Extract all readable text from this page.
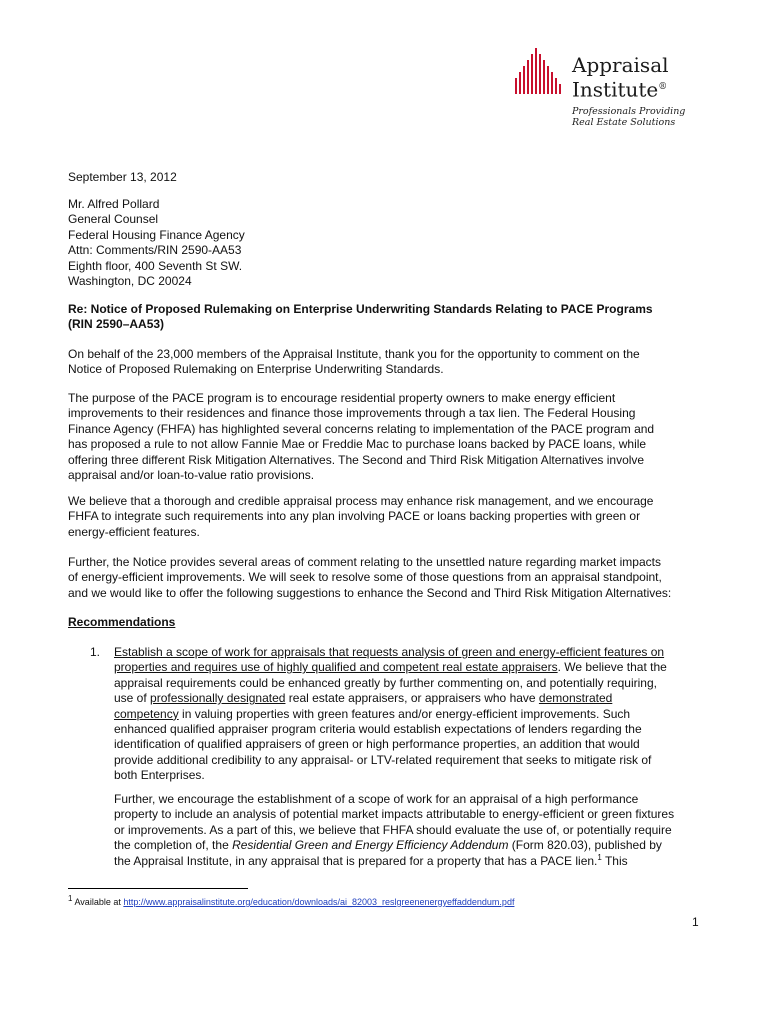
Appraisal
Institute®
Professionals Providing
Real Estate Solutions
September 13, 2012
Mr. Alfred Pollard
General Counsel
Federal Housing Finance Agency
Attn: Comments/RIN 2590-AA53
Eighth floor, 400 Seventh St SW.
Washington, DC 20024
Re: Notice of Proposed Rulemaking on Enterprise Underwriting Standards Relating to PACE Programs
(RIN 2590–AA53)
On behalf of the 23,000 members of the Appraisal Institute, thank you for the opportunity to comment on the
Notice of Proposed Rulemaking on Enterprise Underwriting Standards.
The purpose of the PACE program is to encourage residential property owners to make energy efficient
improvements to their residences and finance those improvements through a tax lien. The Federal Housing
Finance Agency (FHFA) has highlighted several concerns relating to implementation of the PACE program and
has proposed a rule to not allow Fannie Mae or Freddie Mac to purchase loans backed by PACE loans, while
offering three different Risk Mitigation Alternatives. The Second and Third Risk Mitigation Alternatives involve
appraisal and/or loan-to-value ratio provisions.
We believe that a thorough and credible appraisal process may enhance risk management, and we encourage
FHFA to integrate such requirements into any plan involving PACE or loans backing properties with green or
energy-efficient features.
Further, the Notice provides several areas of comment relating to the unsettled nature regarding market impacts
of energy-efficient improvements. We will seek to resolve some of those questions from an appraisal standpoint,
and we would like to offer the following suggestions to enhance the Second and Third Risk Mitigation Alternatives:
Recommendations
1. Establish a scope of work for appraisals that requests analysis of green and energy-efficient features on
properties and requires use of highly qualified and competent real estate appraisers. We believe that the
appraisal requirements could be enhanced greatly by further commenting on, and potentially requiring,
use of professionally designated real estate appraisers, or appraisers who have demonstrated
competency in valuing properties with green features and/or energy-efficient improvements. Such
enhanced qualified appraiser program criteria would establish expectations of lenders regarding the
identification of qualified appraisers of green or high performance properties, an addition that would
provide additional credibility to any appraisal- or LTV-related requirement that seeks to mitigate risk of
both Enterprises.
Further, we encourage the establishment of a scope of work for an appraisal of a high performance
property to include an analysis of potential market impacts attributable to energy-efficient or green fixtures
or improvements. As a part of this, we believe that FHFA should evaluate the use of, or potentially require
the completion of, the Residential Green and Energy Efficiency Addendum (Form 820.03), published by
the Appraisal Institute, in any appraisal that is prepared for a property that has a PACE lien.$^1$ This
1 Available at http://www.appraisalinstitute.org/education/downloads/ai_82003_reslgreenenergyeffaddendum.pdf
1
